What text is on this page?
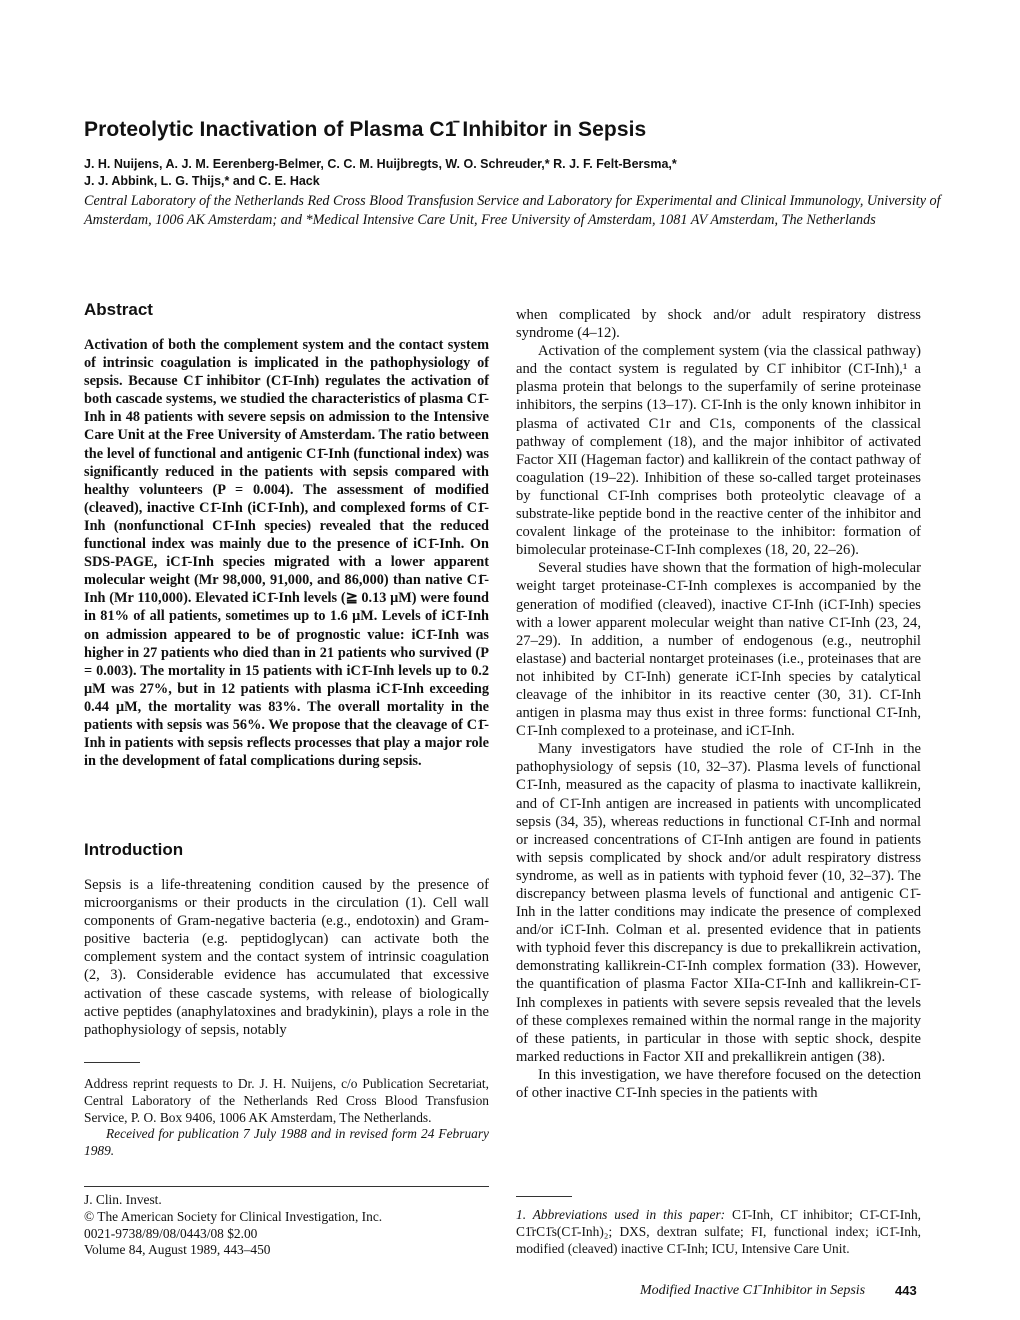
Proteolytic Inactivation of Plasma C1̄ Inhibitor in Sepsis
J. H. Nuijens, A. J. M. Eerenberg-Belmer, C. C. M. Huijbregts, W. O. Schreuder,* R. J. F. Felt-Bersma,*
J. J. Abbink, L. G. Thijs,* and C. E. Hack
Central Laboratory of the Netherlands Red Cross Blood Transfusion Service and Laboratory for Experimental and Clinical Immunology, University of Amsterdam, 1006 AK Amsterdam; and *Medical Intensive Care Unit, Free University of Amsterdam, 1081 AV Amsterdam, The Netherlands
Abstract

Activation of both the complement system and the contact system of intrinsic coagulation is implicated in the pathophysiology of sepsis. Because C1̄ inhibitor (C1̄-Inh) regulates the activation of both cascade systems, we studied the characteristics of plasma C1̄-Inh in 48 patients with severe sepsis on admission to the Intensive Care Unit at the Free University of Amsterdam. The ratio between the level of functional and antigenic C1̄-Inh (functional index) was significantly reduced in the patients with sepsis compared with healthy volunteers (P = 0.004). The assessment of modified (cleaved), inactive C1̄-Inh (iC1̄-Inh), and complexed forms of C1̄-Inh (nonfunctional C1̄-Inh species) revealed that the reduced functional index was mainly due to the presence of iC1̄-Inh. On SDS-PAGE, iC1̄-Inh species migrated with a lower apparent molecular weight (Mr 98,000, 91,000, and 86,000) than native C1̄-Inh (Mr 110,000). Elevated iC1̄-Inh levels (≧ 0.13 μM) were found in 81% of all patients, sometimes up to 1.6 μM. Levels of iC1̄-Inh on admission appeared to be of prognostic value: iC1̄-Inh was higher in 27 patients who died than in 21 patients who survived (P = 0.003). The mortality in 15 patients with iC1̄-Inh levels up to 0.2 μM was 27%, but in 12 patients with plasma iC1̄-Inh exceeding 0.44 μM, the mortality was 83%. The overall mortality in the patients with sepsis was 56%. We propose that the cleavage of C1̄-Inh in patients with sepsis reflects processes that play a major role in the development of fatal complications during sepsis.

Introduction

Sepsis is a life-threatening condition caused by the presence of microorganisms or their products in the circulation (1). Cell wall components of Gram-negative bacteria (e.g., endotoxin) and Gram-positive bacteria (e.g. peptidoglycan) can activate both the complement system and the contact system of intrinsic coagulation (2, 3). Considerable evidence has accumulated that excessive activation of these cascade systems, with release of biologically active peptides (anaphylatoxines and bradykinin), plays a role in the pathophysiology of sepsis, notably

Address reprint requests to Dr. J. H. Nuijens, c/o Publication Secretariat, Central Laboratory of the Netherlands Red Cross Blood Transfusion Service, P. O. Box 9406, 1006 AK Amsterdam, The Netherlands.

Received for publication 7 July 1988 and in revised form 24 February 1989.

J. Clin. Invest.

© The American Society for Clinical Investigation, Inc.

0021-9738/89/08/0443/08 $2.00

Volume 84, August 1989, 443–450

when complicated by shock and/or adult respiratory distress syndrome (4–12).

Activation of the complement system (via the classical pathway) and the contact system is regulated by C1̄ inhibitor (C1̄-Inh),¹ a plasma protein that belongs to the superfamily of serine proteinase inhibitors, the serpins (13–17). C1̄-Inh is the only known inhibitor in plasma of activated C1r and C1s, components of the classical pathway of complement (18), and the major inhibitor of activated Factor XII (Hageman factor) and kallikrein of the contact pathway of coagulation (19–22). Inhibition of these so-called target proteinases by functional C1̄-Inh comprises both proteolytic cleavage of a substrate-like peptide bond in the reactive center of the inhibitor and covalent linkage of the proteinase to the inhibitor: formation of bimolecular proteinase-C1̄-Inh complexes (18, 20, 22–26).

Several studies have shown that the formation of high-molecular weight target proteinase-C1̄-Inh complexes is accompanied by the generation of modified (cleaved), inactive C1̄-Inh (iC1̄-Inh) species with a lower apparent molecular weight than native C1̄-Inh (23, 24, 27–29). In addition, a number of endogenous (e.g., neutrophil elastase) and bacterial nontarget proteinases (i.e., proteinases that are not inhibited by C1̄-Inh) generate iC1̄-Inh species by catalytical cleavage of the inhibitor in its reactive center (30, 31). C1̄-Inh antigen in plasma may thus exist in three forms: functional C1̄-Inh, C1̄-Inh complexed to a proteinase, and iC1̄-Inh.

Many investigators have studied the role of C1̄-Inh in the pathophysiology of sepsis (10, 32–37). Plasma levels of functional C1̄-Inh, measured as the capacity of plasma to inactivate kallikrein, and of C1̄-Inh antigen are increased in patients with uncomplicated sepsis (34, 35), whereas reductions in functional C1̄-Inh and normal or increased concentrations of C1̄-Inh antigen are found in patients with sepsis complicated by shock and/or adult respiratory distress syndrome, as well as in patients with typhoid fever (10, 32–37). The discrepancy between plasma levels of functional and antigenic C1̄-Inh in the latter conditions may indicate the presence of complexed and/or iC1̄-Inh. Colman et al. presented evidence that in patients with typhoid fever this discrepancy is due to prekallikrein activation, demonstrating kallikrein-C1̄-Inh complex formation (33). However, the quantification of plasma Factor XIIa-C1̄-Inh and kallikrein-C1̄-Inh complexes in patients with severe sepsis revealed that the levels of these complexes remained within the normal range in the majority of these patients, in particular in those with septic shock, despite marked reductions in Factor XII and prekallikrein antigen (38).

In this investigation, we have therefore focused on the detection of other inactive C1̄-Inh species in the patients with

1. Abbreviations used in this paper: C1̄-Inh, C1̄ inhibitor; C1̄-C1̄-Inh, C1̄rC1̄s(C1̄-Inh)₂; DXS, dextran sulfate; FI, functional index; iC1̄-Inh, modified (cleaved) inactive C1̄-Inh; ICU, Intensive Care Unit.

Modified Inactive C1̄ Inhibitor in Sepsis 443
